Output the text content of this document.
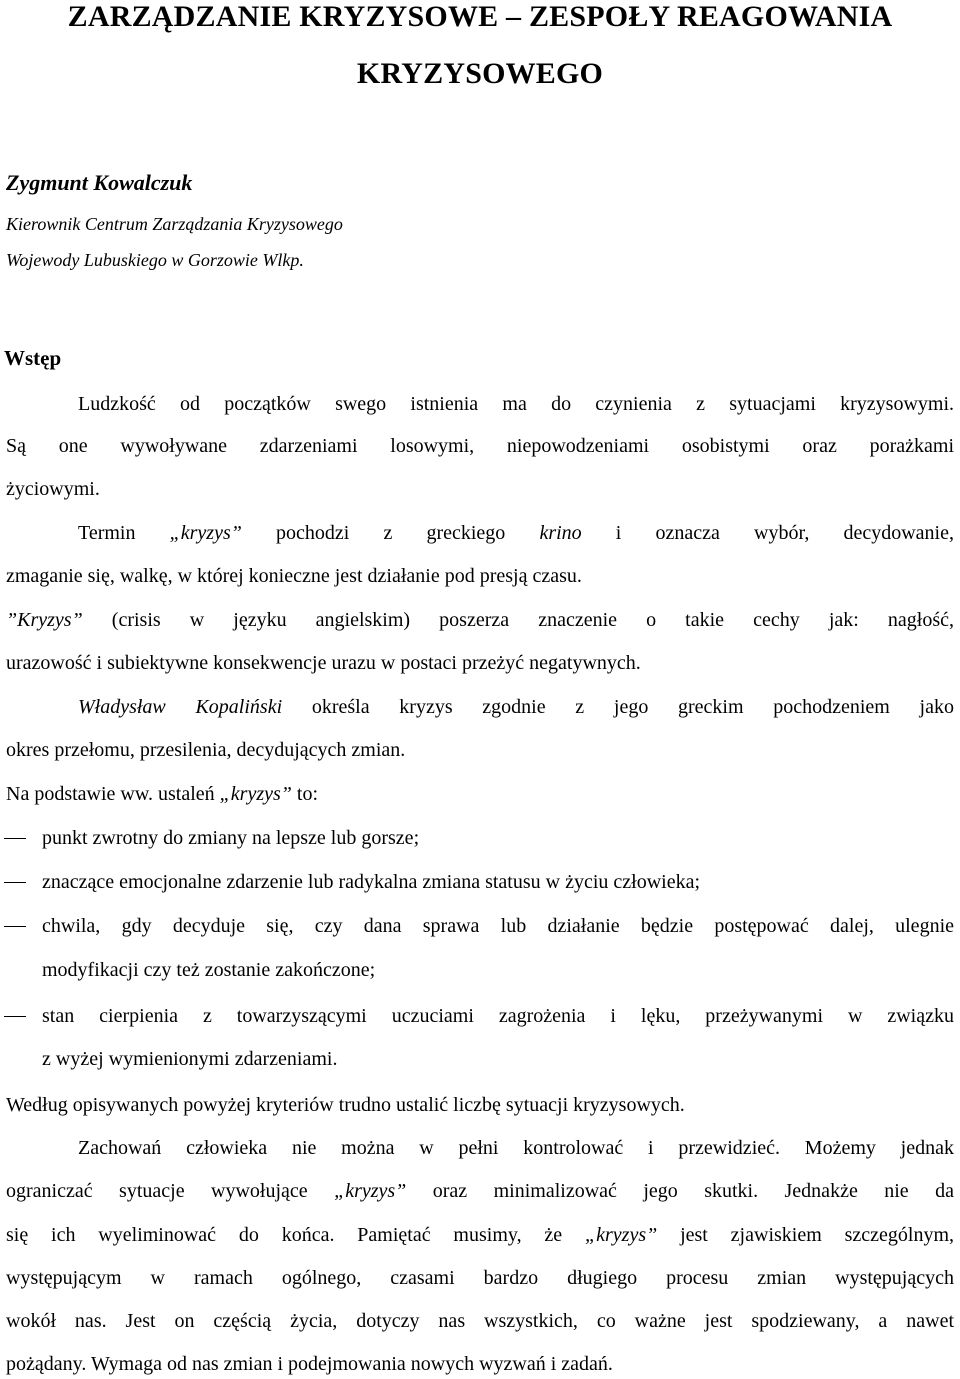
ZARZĄDZANIE KRYZYSOWE – ZESPOŁY REAGOWANIA
KRYZYSOWEGO

Zygmunt Kowalczuk

Kierownik Centrum Zarządzania Kryzysowego

Wojewody Lubuskiego w Gorzowie Wlkp.

Wstęp

Ludzkość od początków swego istnienia ma do czynienia z sytuacjami kryzysowymi.

Są one wywoływane zdarzeniami losowymi, niepowodzeniami osobistymi oraz porażkami

życiowymi.

Termin „kryzys” pochodzi z greckiego krino i oznacza wybór, decydowanie,

zmaganie się, walkę, w której konieczne jest działanie pod presją czasu.

”Kryzys” (crisis w języku angielskim) poszerza znaczenie o takie cechy jak: nagłość,

urazowość i subiektywne konsekwencje urazu w postaci przeżyć negatywnych.

Władysław Kopaliński określa kryzys zgodnie z jego greckim pochodzeniem jako

okres przełomu, przesilenia, decydujących zmian.

Na podstawie ww. ustaleń „kryzys” to:

punkt zwrotny do zmiany na lepsze lub gorsze;

znaczące emocjonalne zdarzenie lub radykalna zmiana statusu w życiu człowieka;

chwila, gdy decyduje się, czy dana sprawa lub działanie będzie postępować dalej, ulegnie

modyfikacji czy też zostanie zakończone;

stan cierpienia z towarzyszącymi uczuciami zagrożenia i lęku, przeżywanymi w związku

z wyżej wymienionymi zdarzeniami.

Według opisywanych powyżej kryteriów trudno ustalić liczbę sytuacji kryzysowych.

Zachowań człowieka nie można w pełni kontrolować i przewidzieć. Możemy jednak

ograniczać sytuacje wywołujące „kryzys” oraz minimalizować jego skutki. Jednakże nie da

się ich wyeliminować do końca. Pamiętać musimy, że „kryzys” jest zjawiskiem szczególnym,

występującym w ramach ogólnego, czasami bardzo długiego procesu zmian występujących

wokół nas. Jest on częścią życia, dotyczy nas wszystkich, co ważne jest spodziewany, a nawet

pożądany. Wymaga od nas zmian i podejmowania nowych wyzwań i zadań.
